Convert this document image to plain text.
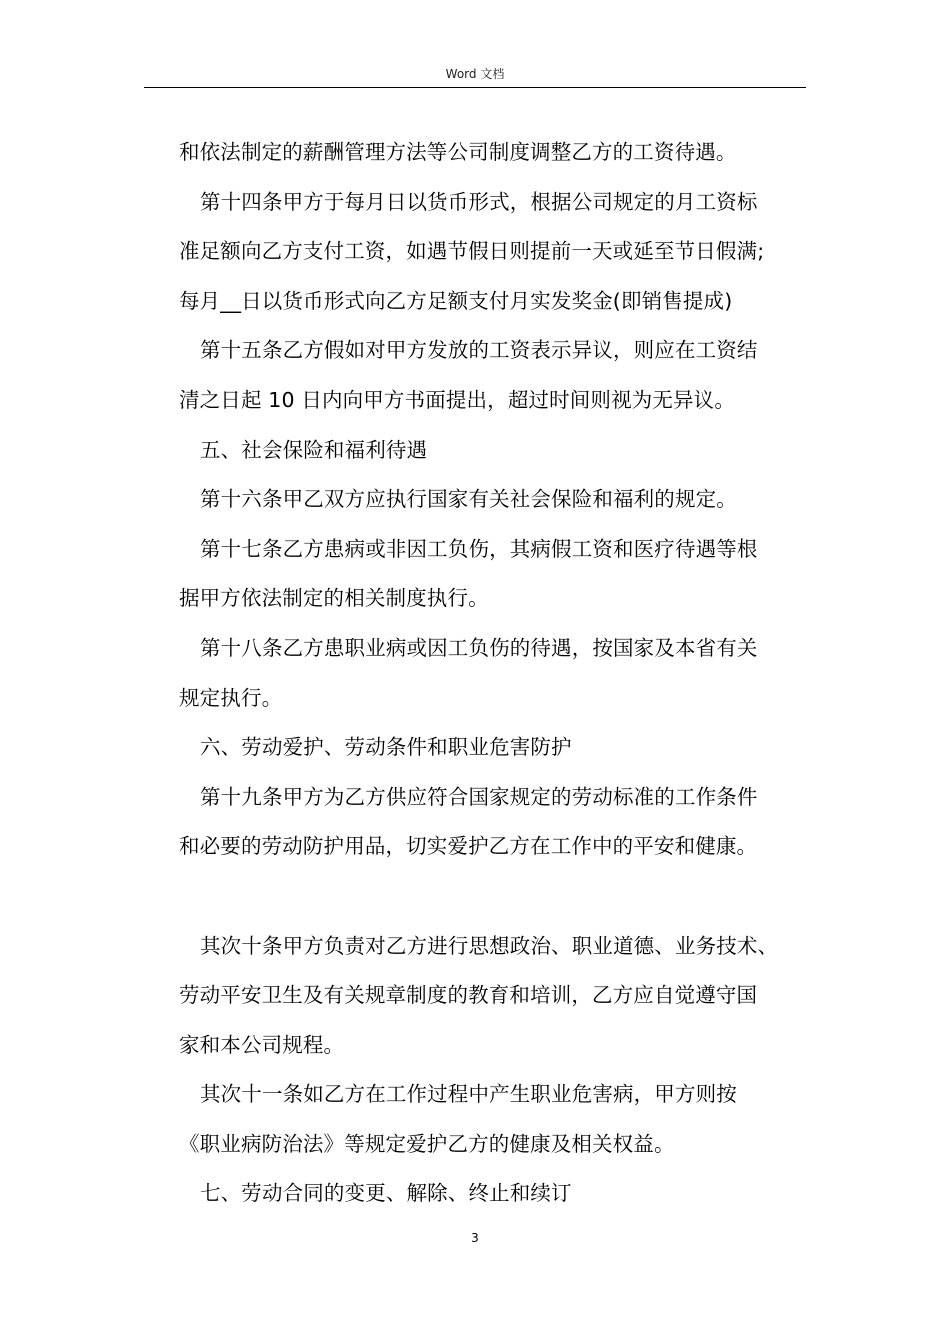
Word 文档

和依法制定的薪酬管理方法等公司制度调整乙方的工资待遇。

第十四条甲方于每月日以货币形式，根据公司规定的月工资标

准足额向乙方支付工资，如遇节假日则提前一天或延至节日假满;

每月__日以货币形式向乙方足额支付月实发奖金(即销售提成)

第十五条乙方假如对甲方发放的工资表示异议，则应在工资结

清之日起 10 日内向甲方书面提出，超过时间则视为无异议。

五、社会保险和福利待遇

第十六条甲乙双方应执行国家有关社会保险和福利的规定。

第十七条乙方患病或非因工负伤，其病假工资和医疗待遇等根

据甲方依法制定的相关制度执行。

第十八条乙方患职业病或因工负伤的待遇，按国家及本省有关

规定执行。

六、劳动爱护、劳动条件和职业危害防护

第十九条甲方为乙方供应符合国家规定的劳动标准的工作条件

和必要的劳动防护用品，切实爱护乙方在工作中的平安和健康。

其次十条甲方负责对乙方进行思想政治、职业道德、业务技术、

劳动平安卫生及有关规章制度的教育和培训，乙方应自觉遵守国

家和本公司规程。

其次十一条如乙方在工作过程中产生职业危害病，甲方则按

《职业病防治法》等规定爱护乙方的健康及相关权益。

七、劳动合同的变更、解除、终止和续订

3
